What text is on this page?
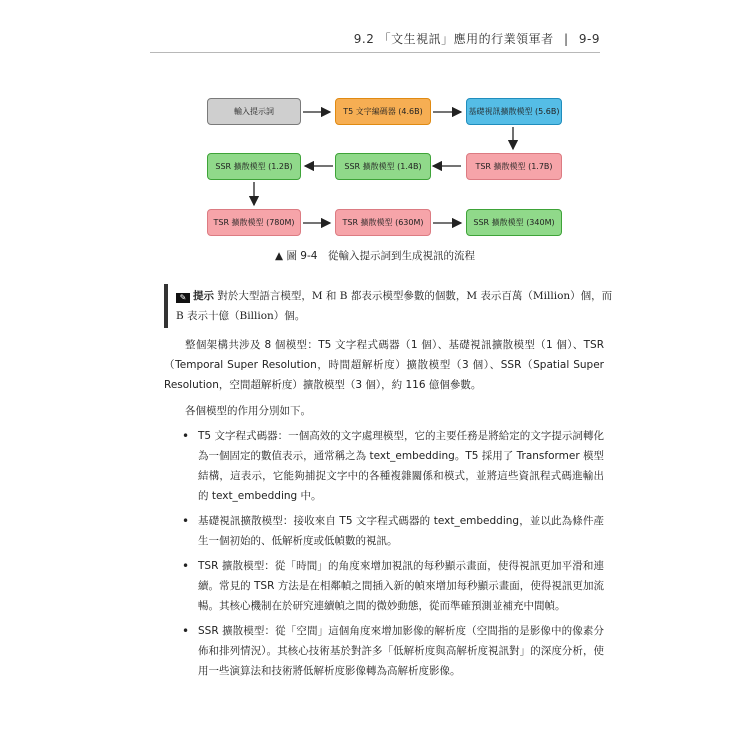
9.2 「文生視訊」應用的行業領軍者 | 9-9
輸入提示詞	T5 文字編碼器 (4.6B)	基礎視訊擴散模型 (5.6B)
TSR 擴散模型 (1.7B)
SSR 擴散模型 (1.4B)
SSR 擴散模型 (1.2B)
TSR 擴散模型 (780M)	TSR 擴散模型 (630M)	SSR 擴散模型 (340M)
▲ 圖 9-4　從輸入提示詞到生成視訊的流程
✎ 提示 對於大型語言模型，M 和 B 都表示模型參數的個數，M 表示百萬（Million）個，而 B 表示十億（Billion）個。

整個架構共涉及 8 個模型：T5 文字程式碼器（1 個）、基礎視訊擴散模型（1 個）、TSR（Temporal Super Resolution，時間超解析度）擴散模型（3 個）、SSR（Spatial Super Resolution，空間超解析度）擴散模型（3 個），約 116 億個參數。

各個模型的作用分別如下。

• T5 文字程式碼器：一個高效的文字處理模型，它的主要任務是將給定的文字提示詞轉化為一個固定的數值表示，通常稱之為 text_embedding。T5 採用了 Transformer 模型結構，這表示，它能夠捕捉文字中的各種複雜關係和模式，並將這些資訊程式碼進輸出的 text_embedding 中。
• 基礎視訊擴散模型：接收來自 T5 文字程式碼器的 text_embedding，並以此為條件產生一個初始的、低解析度或低幀數的視訊。
• TSR 擴散模型：從「時間」的角度來增加視訊的每秒顯示畫面，使得視訊更加平滑和連續。常見的 TSR 方法是在相鄰幀之間插入新的幀來增加每秒顯示畫面，使得視訊更加流暢。其核心機制在於研究連續幀之間的微妙動態，從而準確預測並補充中間幀。
• SSR 擴散模型：從「空間」這個角度來增加影像的解析度（空間指的是影像中的像素分佈和排列情況）。其核心技術基於對許多「低解析度與高解析度視訊對」的深度分析，使用一些演算法和技術將低解析度影像轉為高解析度影像。
